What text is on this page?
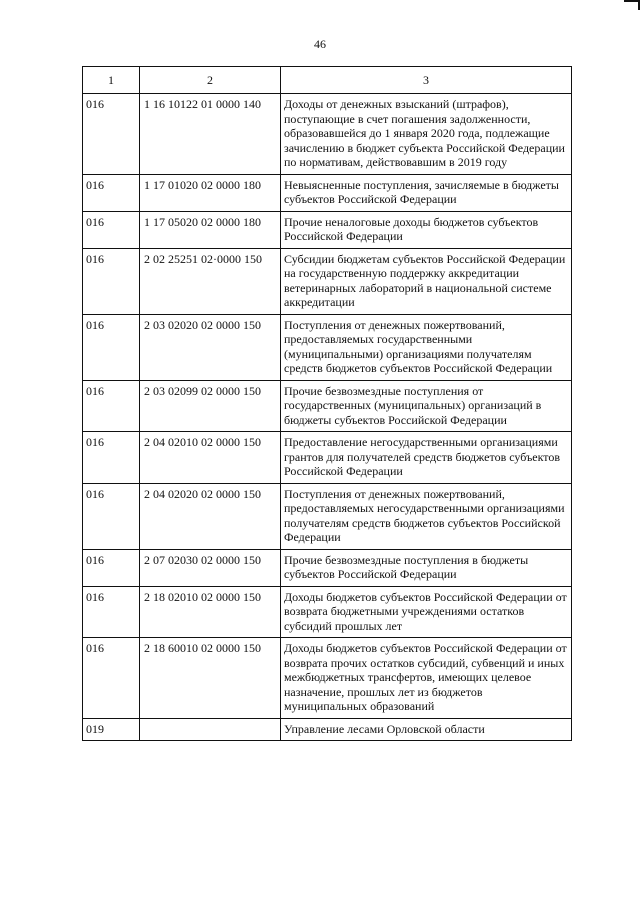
46
1	2	3
016	1 16 10122 01 0000 140	Доходы от денежных взысканий (штрафов), поступающие в счет погашения задолженности, образовавшейся до 1 января 2020 года, подлежащие зачислению в бюджет субъекта Российской Федерации по нормативам, действовавшим в 2019 году
016	1 17 01020 02 0000 180	Невыясненные поступления, зачисляемые в бюджеты субъектов Российской Федерации
016	1 17 05020 02 0000 180	Прочие неналоговые доходы бюджетов субъектов Российской Федерации
016	2 02 25251 02·0000 150	Субсидии бюджетам субъектов Российской Федерации на государственную поддержку аккредитации ветеринарных лабораторий в национальной системе аккредитации
016	2 03 02020 02 0000 150	Поступления от денежных пожертвований, предоставляемых государственными (муниципальными) организациями получателям средств бюджетов субъектов Российской Федерации
016	2 03 02099 02 0000 150	Прочие безвозмездные поступления от государственных (муниципальных) организаций в бюджеты субъектов Российской Федерации
016	2 04 02010 02 0000 150	Предоставление негосударственными организациями грантов для получателей средств бюджетов субъектов Российской Федерации
016	2 04 02020 02 0000 150	Поступления от денежных пожертвований, предоставляемых негосударственными организациями получателям средств бюджетов субъектов Российской Федерации
016	2 07 02030 02 0000 150	Прочие безвозмездные поступления в бюджеты субъектов Российской Федерации
016	2 18 02010 02 0000 150	Доходы бюджетов субъектов Российской Федерации от возврата бюджетными учреждениями остатков субсидий прошлых лет
016	2 18 60010 02 0000 150	Доходы бюджетов субъектов Российской Федерации от возврата прочих остатков субсидий, субвенций и иных межбюджетных трансфертов, имеющих целевое назначение, прошлых лет из бюджетов муниципальных образований
019		Управление лесами Орловской области
